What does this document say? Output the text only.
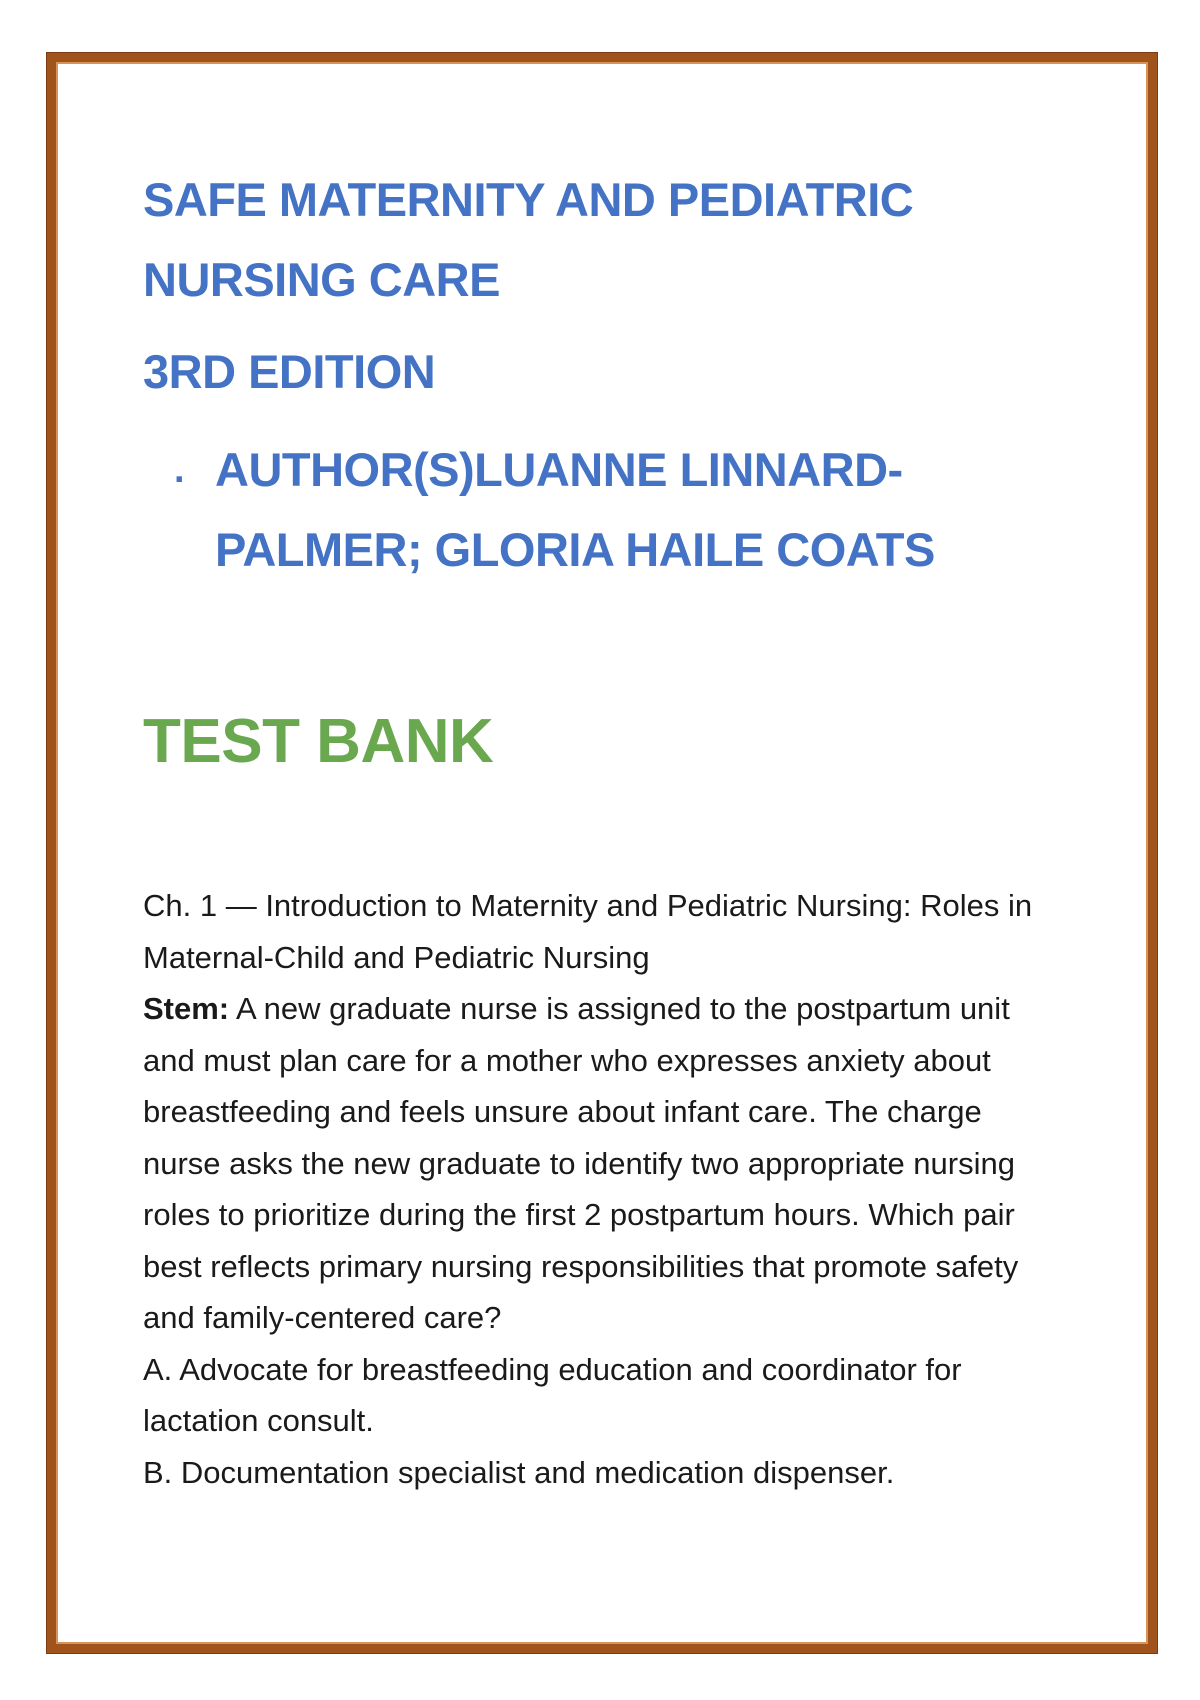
SAFE MATERNITY AND PEDIATRIC NURSING CARE
3RD EDITION
. AUTHOR(S)LUANNE LINNARD-PALMER; GLORIA HAILE COATS
TEST BANK

Ch. 1 — Introduction to Maternity and Pediatric Nursing: Roles in Maternal-Child and Pediatric Nursing

Stem: A new graduate nurse is assigned to the postpartum unit and must plan care for a mother who expresses anxiety about breastfeeding and feels unsure about infant care. The charge nurse asks the new graduate to identify two appropriate nursing roles to prioritize during the first 2 postpartum hours. Which pair best reflects primary nursing responsibilities that promote safety and family-centered care?

A. Advocate for breastfeeding education and coordinator for lactation consult.

B. Documentation specialist and medication dispenser.
